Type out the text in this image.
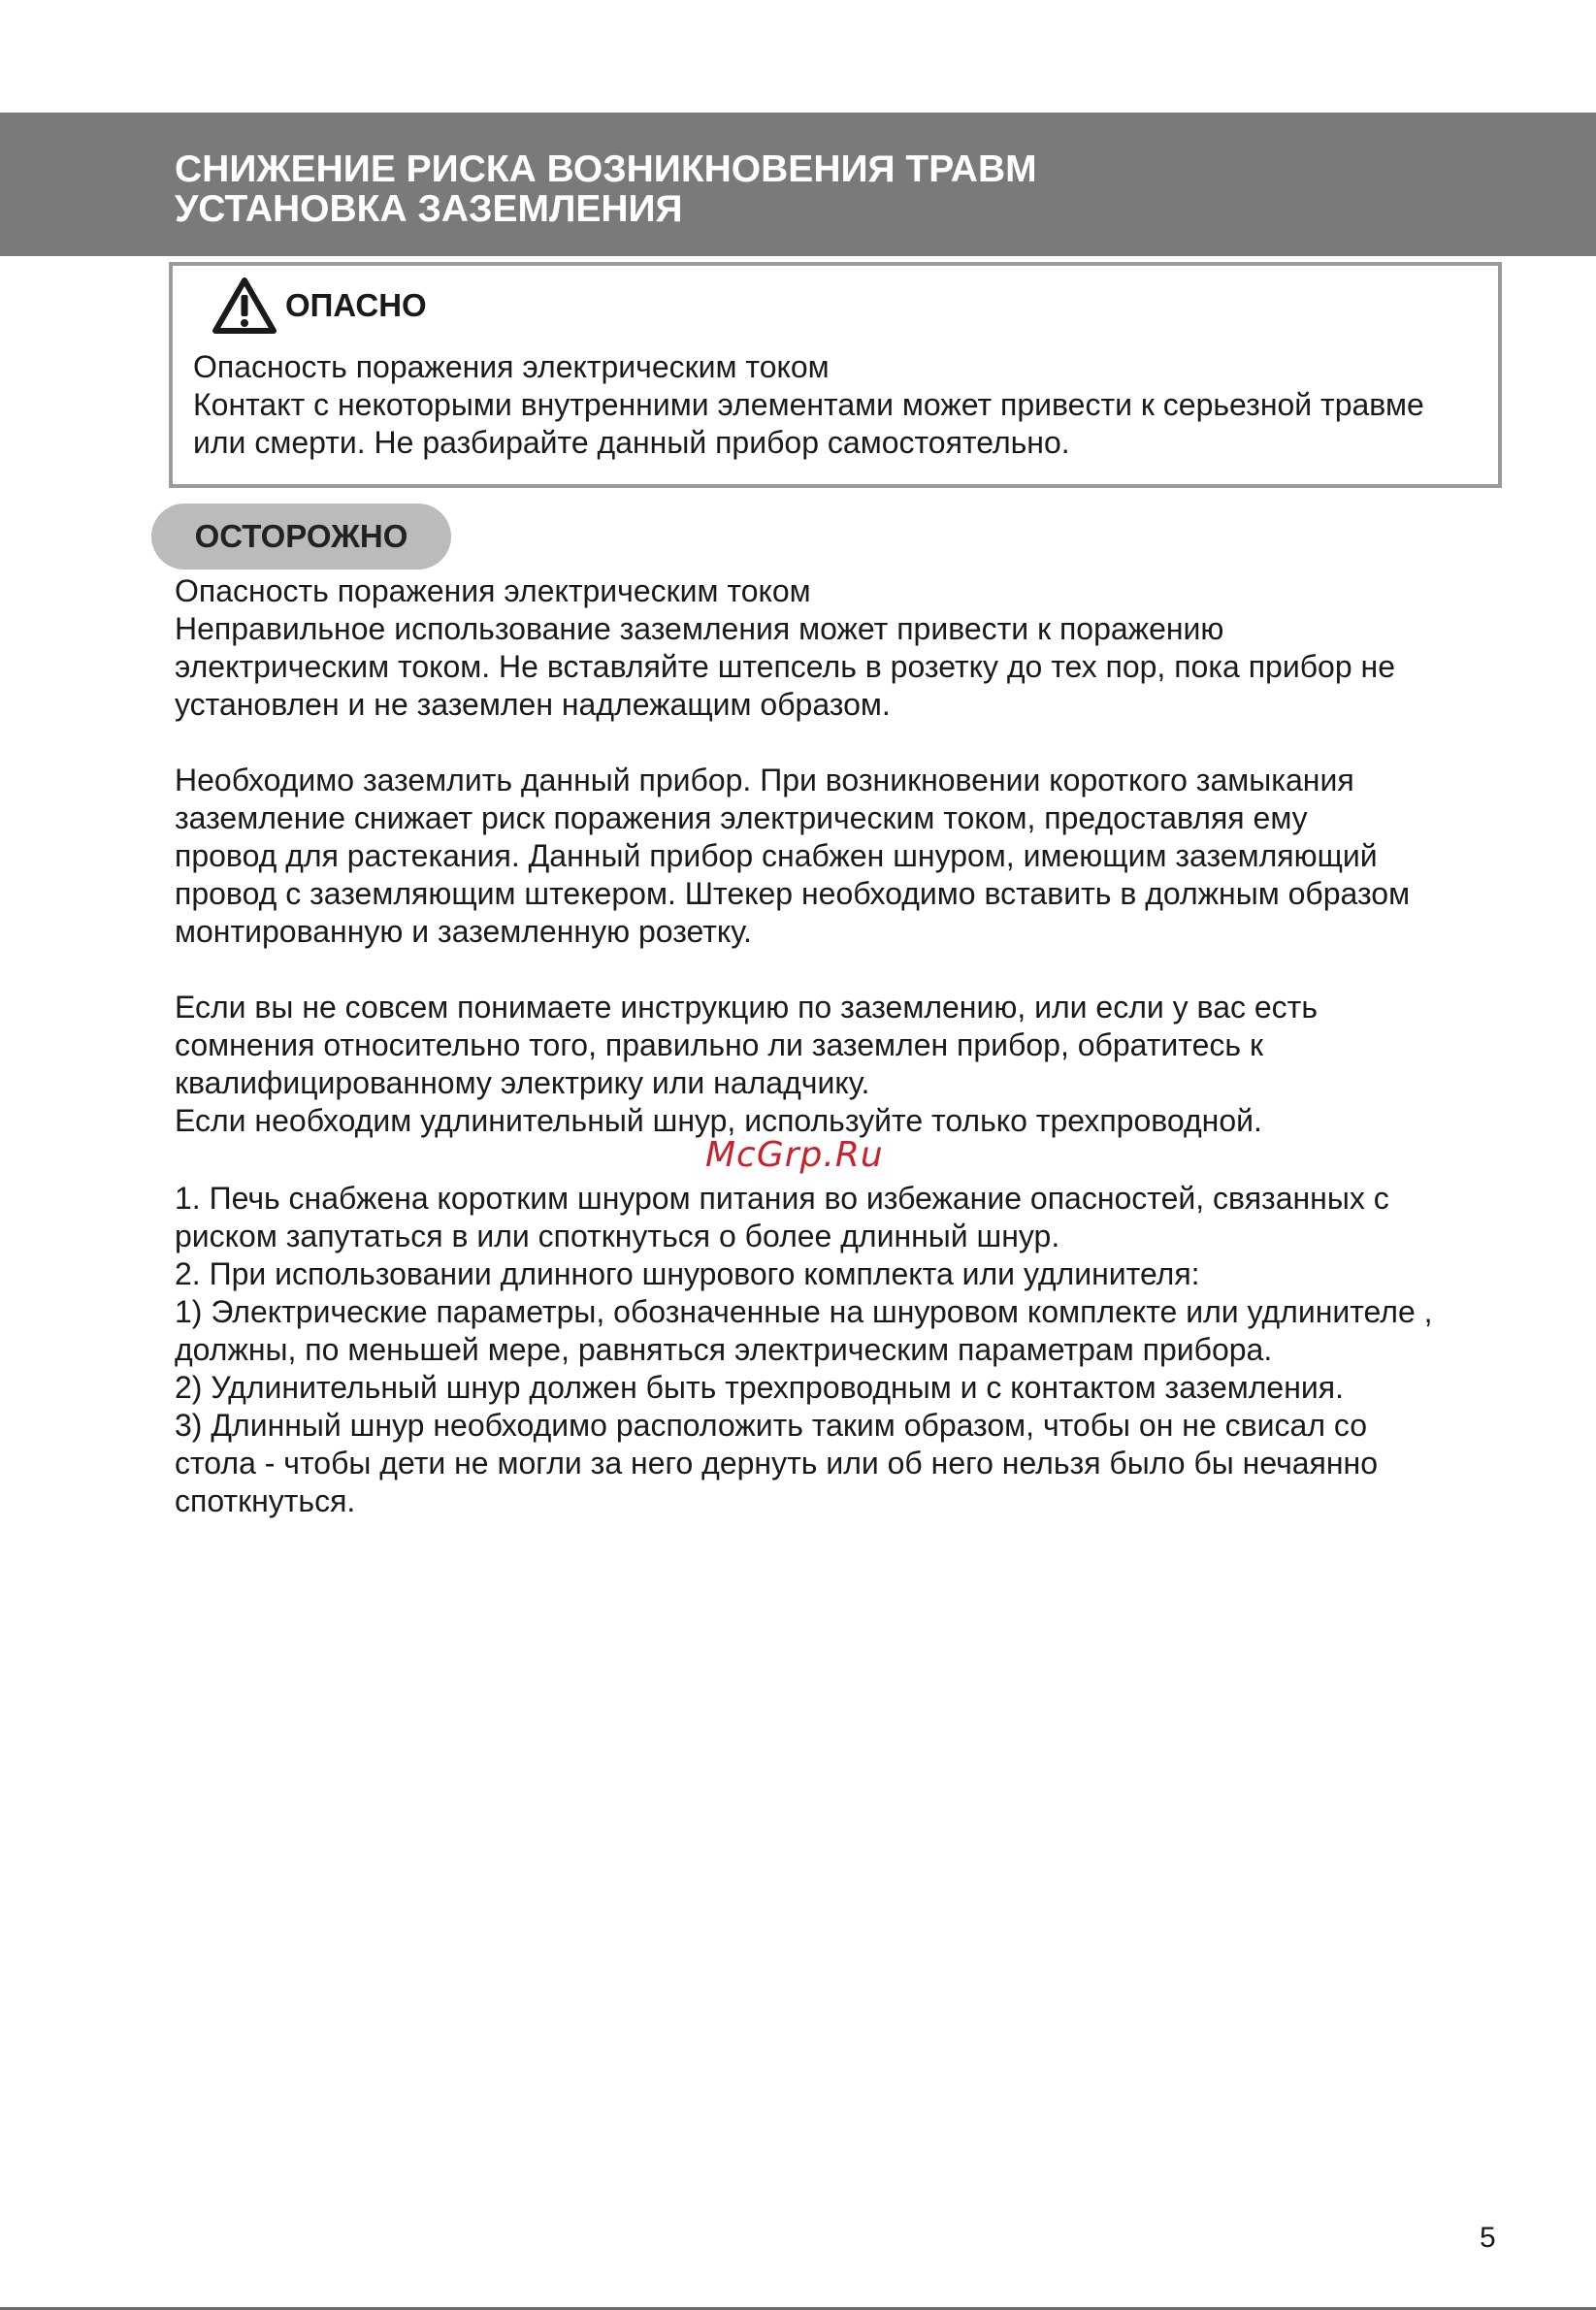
СНИЖЕНИЕ РИСКА ВОЗНИКНОВЕНИЯ ТРАВМ
УСТАНОВКА ЗАЗЕМЛЕНИЯ
ОПАСНО
Опасность поражения электрическим током
Контакт с некоторыми внутренними элементами может привести к серьезной травме
или смерти. Не разбирайте данный прибор самостоятельно.
ОСТОРОЖНО
Опасность поражения электрическим током
Неправильное использование заземления может привести к поражению
электрическим током. Не вставляйте штепсель в розетку до тех пор, пока прибор не
установлен и не заземлен надлежащим образом.
Необходимо заземлить данный прибор. При возникновении короткого замыкания
заземление снижает риск поражения электрическим током, предоставляя ему
провод для растекания. Данный прибор снабжен шнуром, имеющим заземляющий
провод с заземляющим штекером. Штекер необходимо вставить в должным образом
монтированную и заземленную розетку.
Если вы не совсем понимаете инструкцию по заземлению, или если у вас есть
сомнения относительно того, правильно ли заземлен прибор, обратитесь к
квалифицированному электрику или наладчику.
Если необходим удлинительный шнур, используйте только трехпроводной.
McGrp.Ru
1. Печь снабжена коротким шнуром питания во избежание опасностей, связанных с
риском запутаться в или споткнуться о более длинный шнур.
2. При использовании длинного шнурового комплекта или удлинителя:
1) Электрические параметры, обозначенные на шнуровом комплекте или удлинителе ,
должны, по меньшей мере, равняться электрическим параметрам прибора.
2) Удлинительный шнур должен быть трехпроводным и с контактом заземления.
3) Длинный шнур необходимо расположить таким образом, чтобы он не свисал со
стола - чтобы дети не могли за него дернуть или об него нельзя было бы нечаянно
споткнуться.
5
